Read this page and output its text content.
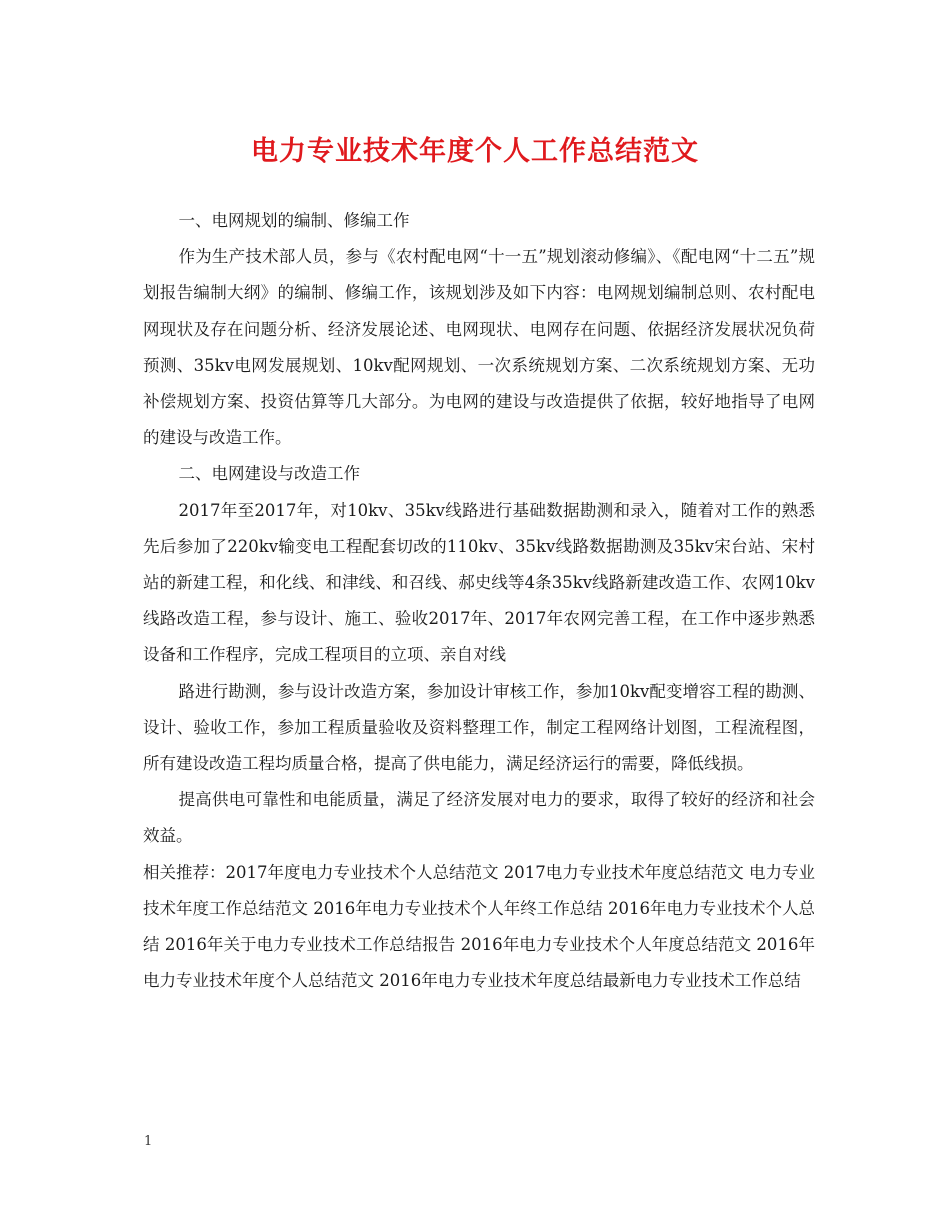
电力专业技术年度个人工作总结范文

一、电网规划的编制、修编工作

作为生产技术部人员，参与《农村配电网“十一五”规划滚动修编》、《配电网“十二五”规划报告编制大纲》的编制、修编工作，该规划涉及如下内容：电网规划编制总则、农村配电网现状及存在问题分析、经济发展论述、电网现状、电网存在问题、依据经济发展状况负荷预测、35kv电网发展规划、10kv配网规划、一次系统规划方案、二次系统规划方案、无功补偿规划方案、投资估算等几大部分。为电网的建设与改造提供了依据，较好地指导了电网的建设与改造工作。

二、电网建设与改造工作

2017年至2017年，对10kv、35kv线路进行基础数据勘测和录入，随着对工作的熟悉先后参加了220kv输变电工程配套切改的110kv、35kv线路数据勘测及35kv宋台站、宋村站的新建工程，和化线、和津线、和召线、郝史线等4条35kv线路新建改造工作、农网10kv线路改造工程，参与设计、施工、验收2017年、2017年农网完善工程，在工作中逐步熟悉设备和工作程序，完成工程项目的立项、亲自对线

路进行勘测，参与设计改造方案，参加设计审核工作，参加10kv配变增容工程的勘测、设计、验收工作，参加工程质量验收及资料整理工作，制定工程网络计划图，工程流程图，所有建设改造工程均质量合格，提高了供电能力，满足经济运行的需要，降低线损。

提高供电可靠性和电能质量，满足了经济发展对电力的要求，取得了较好的经济和社会效益。

相关推荐：2017年度电力专业技术个人总结范文 2017电力专业技术年度总结范文 电力专业技术年度工作总结范文 2016年电力专业技术个人年终工作总结 2016年电力专业技术个人总结 2016年关于电力专业技术工作总结报告 2016年电力专业技术个人年度总结范文 2016年电力专业技术年度个人总结范文 2016年电力专业技术年度总结最新电力专业技术工作总结

1
